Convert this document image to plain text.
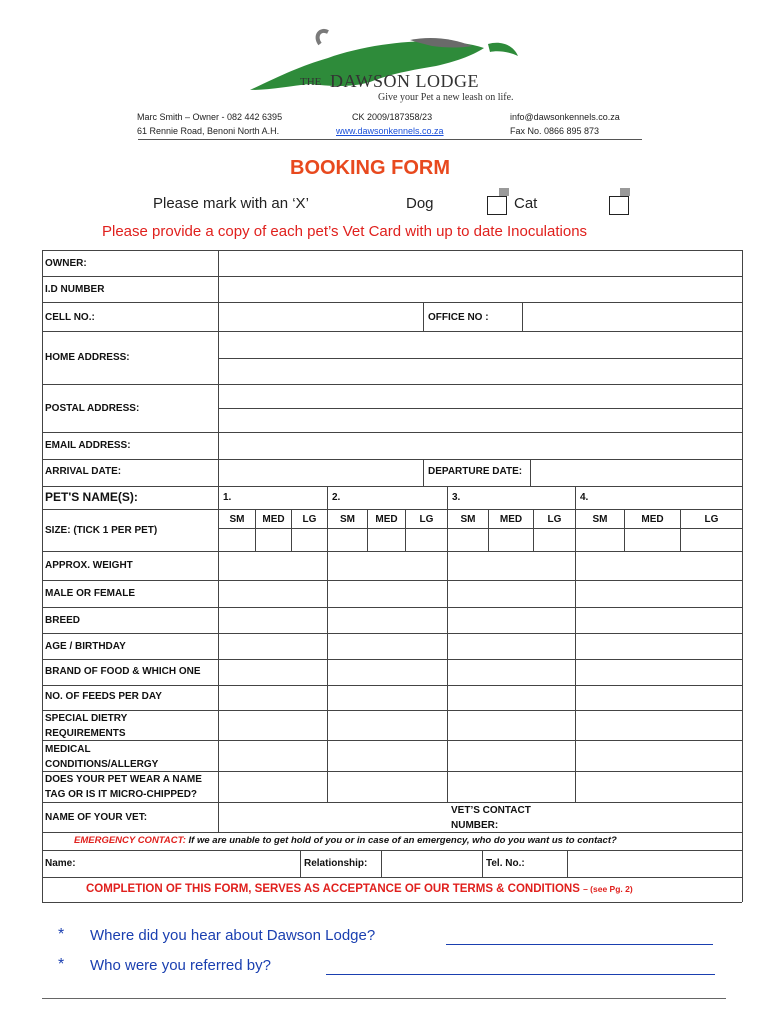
THE DAWSON LODGE
Give your Pet a new leash on life.
Marc Smith – Owner - 082 442 6395
61 Rennie Road, Benoni North A.H.
CK 2009/187358/23
www.dawsonkennels.co.za
info@dawsonkennels.co.za
Fax No. 0866 895 873
BOOKING FORM
Please mark with an ‘X’	Dog	Cat
Please provide a copy of each pet’s Vet Card with up to date Inoculations
OWNER:
I.D NUMBER
CELL NO.:	OFFICE NO :
HOME ADDRESS:
POSTAL ADDRESS:
EMAIL ADDRESS:
ARRIVAL DATE:	DEPARTURE DATE:
PET'S NAME(S):	1.	2.	3.	4.
SIZE: (TICK 1 PER PET)
SM	MED	LG	SM	MED	LG	SM	MED	LG	SM	MED	LG
APPROX. WEIGHT
MALE OR FEMALE
BREED
AGE / BIRTHDAY
BRAND OF FOOD & WHICH ONE
NO. OF FEEDS PER DAY
SPECIAL DIETRY REQUIREMENTS
MEDICAL CONDITIONS/ALLERGY
DOES YOUR PET WEAR A NAME TAG OR IS IT MICRO-CHIPPED?
NAME OF YOUR VET:
VET’S CONTACT NUMBER:
EMERGENCY CONTACT: If we are unable to get hold of you or in case of an emergency, who do you want us to contact?
Name:	Relationship:	Tel. No.:
COMPLETION OF THIS FORM, SERVES AS ACCEPTANCE OF OUR TERMS & CONDITIONS – (see Pg. 2)
* Where did you hear about Dawson Lodge?
* Who were you referred by?
